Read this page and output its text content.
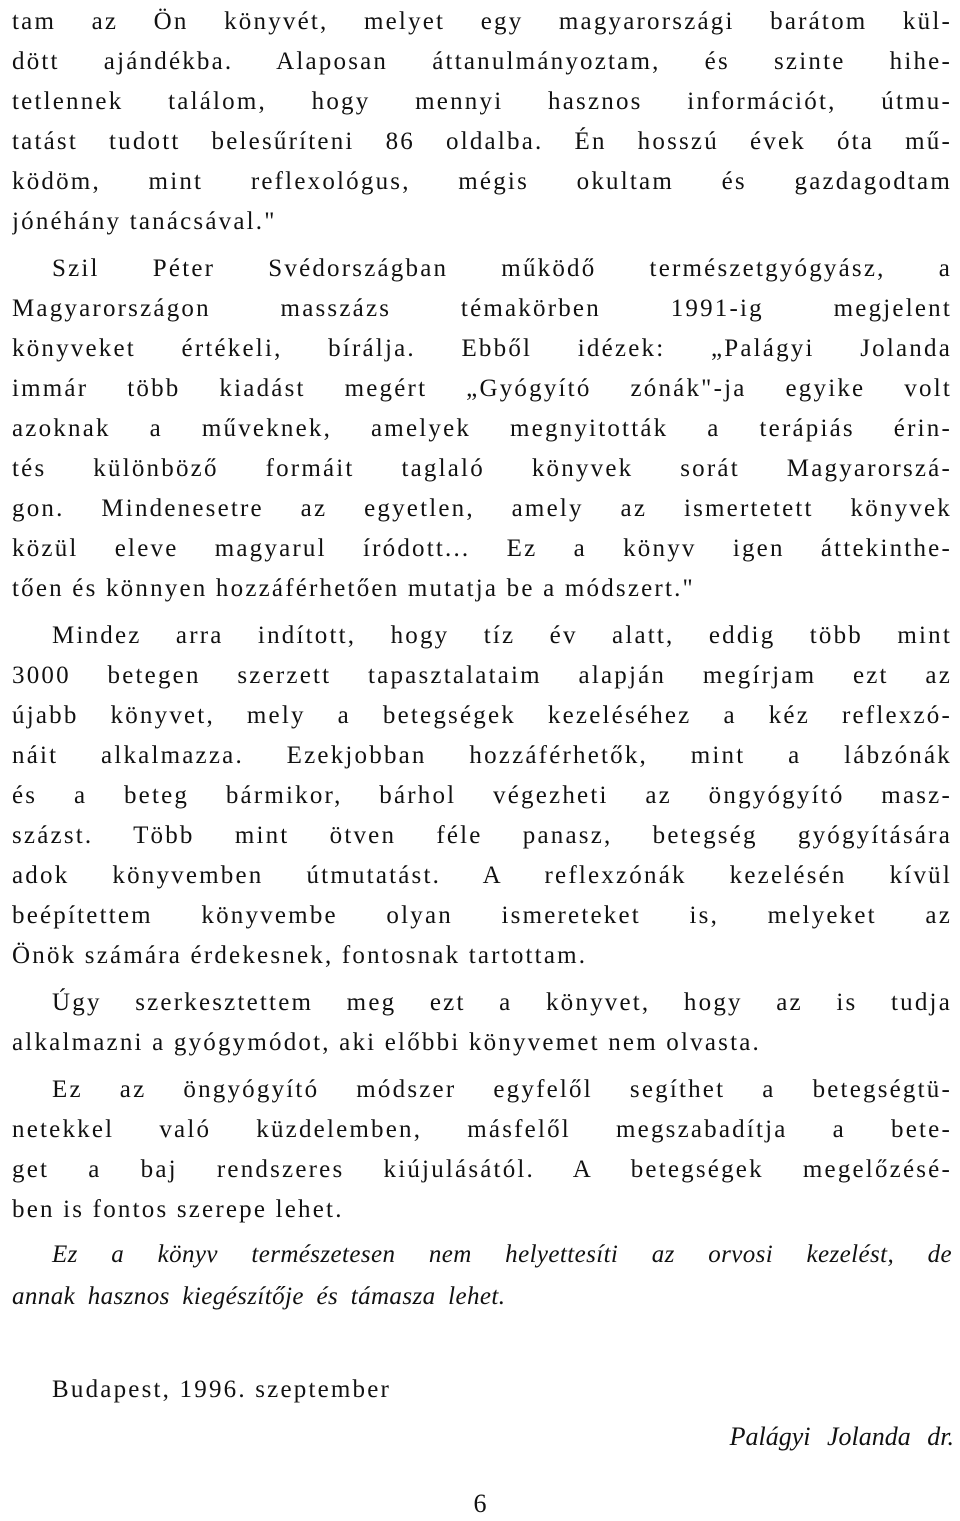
tam az Ön könyvét, melyet egy magyarországi barátom kül-
dött ajándékba. Alaposan áttanulmányoztam, és szinte hihe-
tetlennek találom, hogy mennyi hasznos információt, útmu-
tatást tudott belesűríteni 86 oldalba. Én hosszú évek óta mű-
ködöm, mint reflexológus, mégis okultam és gazdagodtam
jónéhány tanácsával."
Szil Péter Svédországban működő természetgyógyász, a
Magyarországon masszázs témakörben 1991-ig megjelent
könyveket értékeli, bírálja. Ebből idézek: „Palágyi Jolanda
immár több kiadást megért „Gyógyító zónák"-ja egyike volt
azoknak a műveknek, amelyek megnyitották a terápiás érin-
tés különböző formáit taglaló könyvek sorát Magyarorszá-
gon. Mindenesetre az egyetlen, amely az ismertetett könyvek
közül eleve magyarul íródott... Ez a könyv igen áttekinthe-
tően és könnyen hozzáférhetően mutatja be a módszert."
Mindez arra indított, hogy tíz év alatt, eddig több mint
3000 betegen szerzett tapasztalataim alapján megírjam ezt az
újabb könyvet, mely a betegségek kezeléséhez a kéz reflexzó-
náit alkalmazza. Ezekjobban hozzáférhetők, mint a lábzónák
és a beteg bármikor, bárhol végezheti az öngyógyító masz-
százst. Több mint ötven féle panasz, betegség gyógyítására
adok könyvemben útmutatást. A reflexzónák kezelésén kívül
beépítettem könyvembe olyan ismereteket is, melyeket az
Önök számára érdekesnek, fontosnak tartottam.
Úgy szerkesztettem meg ezt a könyvet, hogy az is tudja
alkalmazni a gyógymódot, aki előbbi könyvemet nem olvasta.
Ez az öngyógyító módszer egyfelől segíthet a betegségtü-
netekkel való küzdelemben, másfelől megszabadítja a bete-
get a baj rendszeres kiújulásától. A betegségek megelőzésé-
ben is fontos szerepe lehet.
Ez a könyv természetesen nem helyettesíti az orvosi kezelést, de
annak hasznos kiegészítője és támasza lehet.
Budapest, 1996. szeptember
Palágyi Jolanda dr.
6
